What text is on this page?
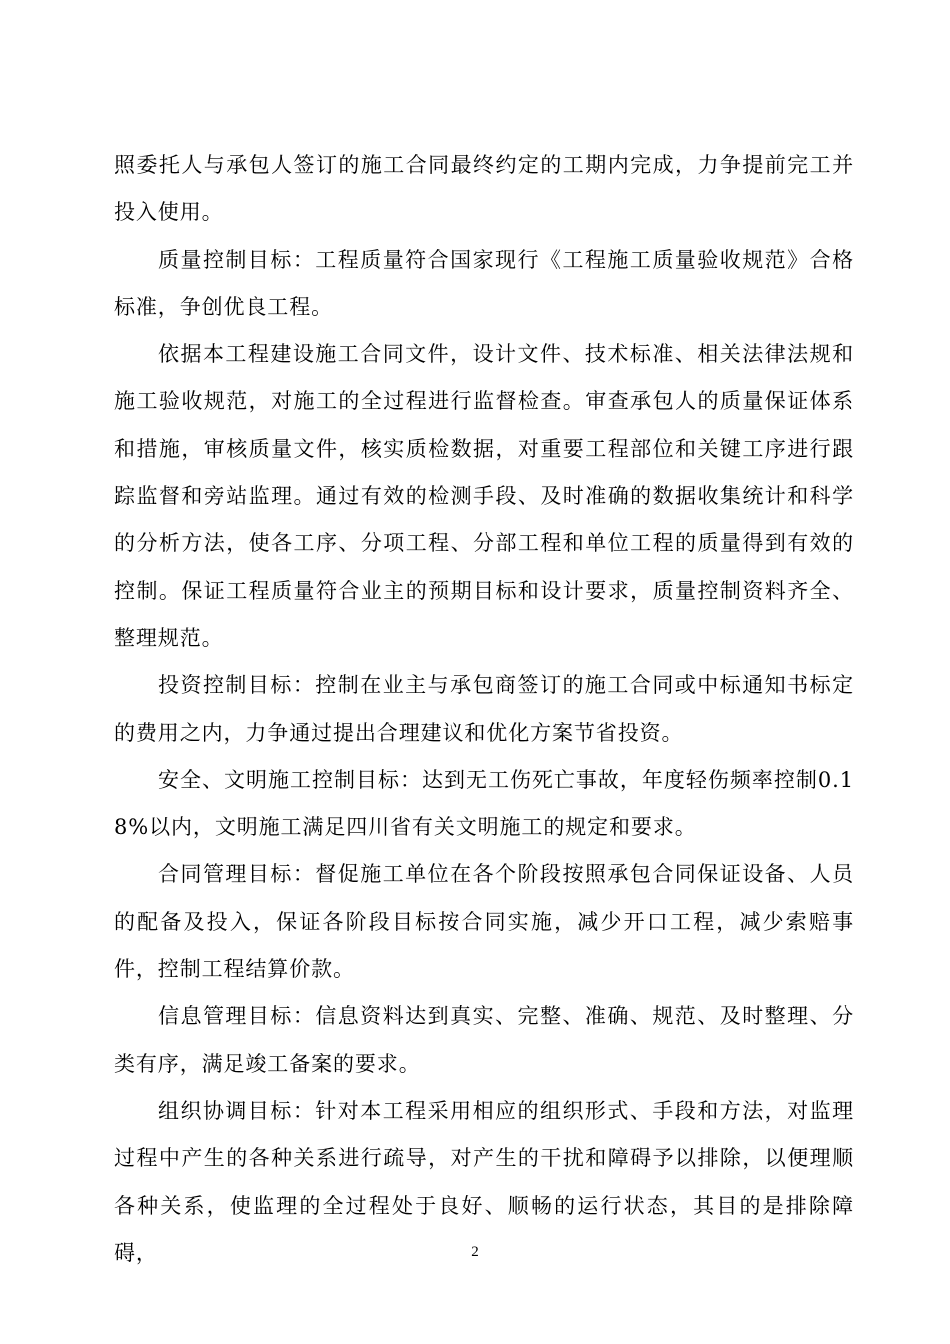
照委托人与承包人签订的施工合同最终约定的工期内完成，力争提前完工并投入使用。

质量控制目标：工程质量符合国家现行《工程施工质量验收规范》合格标准，争创优良工程。

依据本工程建设施工合同文件，设计文件、技术标准、相关法律法规和施工验收规范，对施工的全过程进行监督检查。审查承包人的质量保证体系和措施，审核质量文件，核实质检数据，对重要工程部位和关键工序进行跟踪监督和旁站监理。通过有效的检测手段、及时准确的数据收集统计和科学的分析方法，使各工序、分项工程、分部工程和单位工程的质量得到有效的控制。保证工程质量符合业主的预期目标和设计要求，质量控制资料齐全、整理规范。

投资控制目标：控制在业主与承包商签订的施工合同或中标通知书标定的费用之内，力争通过提出合理建议和优化方案节省投资。

安全、文明施工控制目标：达到无工伤死亡事故，年度轻伤频率控制0.18%以内，文明施工满足四川省有关文明施工的规定和要求。

合同管理目标：督促施工单位在各个阶段按照承包合同保证设备、人员的配备及投入，保证各阶段目标按合同实施，减少开口工程，减少索赔事件，控制工程结算价款。

信息管理目标：信息资料达到真实、完整、准确、规范、及时整理、分类有序，满足竣工备案的要求。

组织协调目标：针对本工程采用相应的组织形式、手段和方法，对监理过程中产生的各种关系进行疏导，对产生的干扰和障碍予以排除，以便理顺各种关系，使监理的全过程处于良好、顺畅的运行状态，其目的是排除障碍，	2
